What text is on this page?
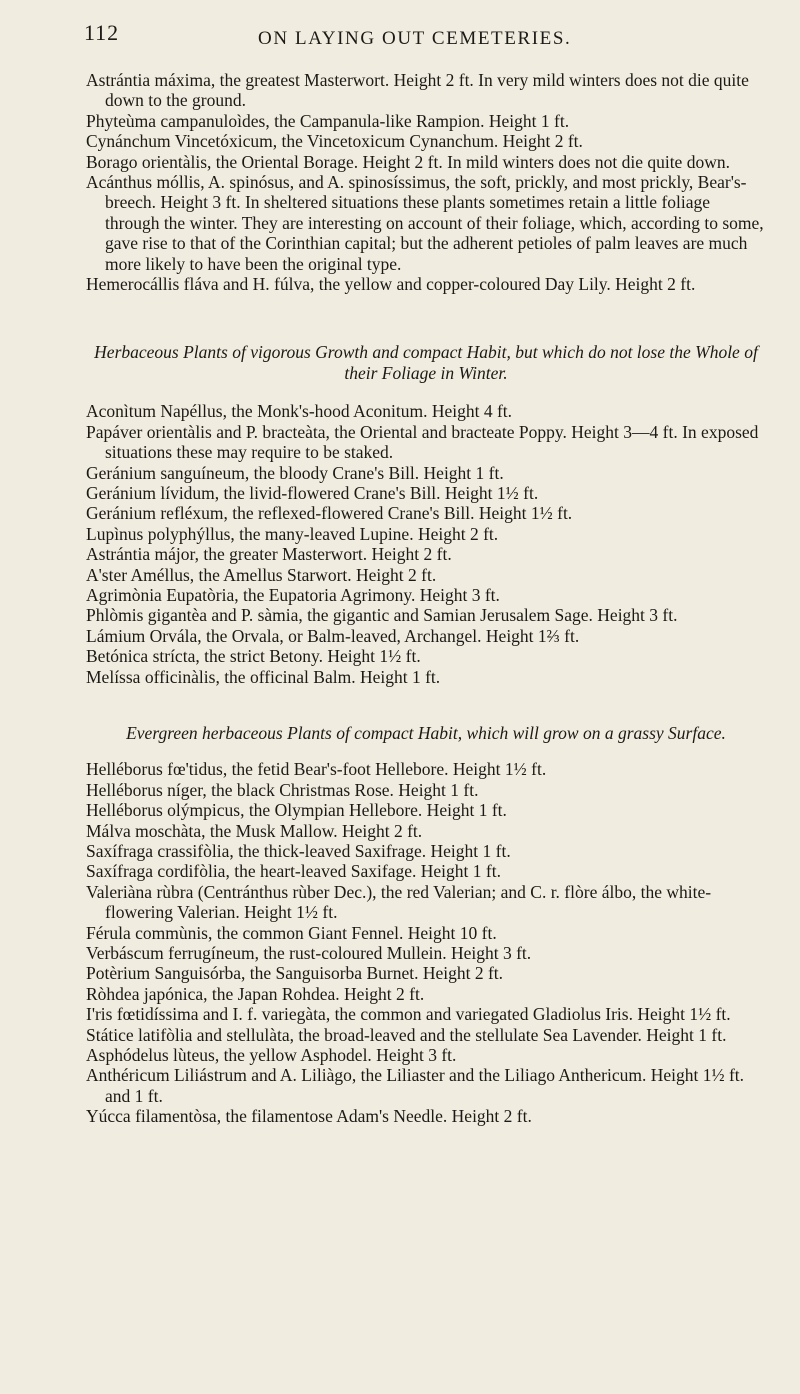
112	ON LAYING OUT CEMETERIES.

Astrántia máxima, the greatest Masterwort. Height 2 ft. In very mild winters does not die quite down to the ground.

Phyteùma campanuloìdes, the Campanula-like Rampion. Height 1 ft.

Cynánchum Vincetóxicum, the Vincetoxicum Cynanchum. Height 2 ft.

Borago orientàlis, the Oriental Borage. Height 2 ft. In mild winters does not die quite down.

Acánthus móllis, A. spinósus, and A. spinosíssimus, the soft, prickly, and most prickly, Bear's-breech. Height 3 ft. In sheltered situations these plants sometimes retain a little foliage through the winter. They are interesting on account of their foliage, which, according to some, gave rise to that of the Corinthian capital; but the adherent petioles of palm leaves are much more likely to have been the original type.

Hemerocállis fláva and H. fúlva, the yellow and copper-coloured Day Lily. Height 2 ft.

Herbaceous Plants of vigorous Growth and compact Habit, but which do not lose the Whole of their Foliage in Winter.

Aconìtum Napéllus, the Monk's-hood Aconitum. Height 4 ft.

Papáver orientàlis and P. bracteàta, the Oriental and bracteate Poppy. Height 3—4 ft. In exposed situations these may require to be staked.

Geránium sanguíneum, the bloody Crane's Bill. Height 1 ft.

Geránium lívidum, the livid-flowered Crane's Bill. Height 1½ ft.

Geránium refléxum, the reflexed-flowered Crane's Bill. Height 1½ ft.

Lupìnus polyphýllus, the many-leaved Lupine. Height 2 ft.

Astrántia májor, the greater Masterwort. Height 2 ft.

A'ster Améllus, the Amellus Starwort. Height 2 ft.

Agrimònia Eupatòria, the Eupatoria Agrimony. Height 3 ft.

Phlòmis gigantèa and P. sàmia, the gigantic and Samian Jerusalem Sage. Height 3 ft.

Lámium Orvála, the Orvala, or Balm-leaved, Archangel. Height 1⅔ ft.

Betónica strícta, the strict Betony. Height 1½ ft.

Melíssa officinàlis, the officinal Balm. Height 1 ft.

Evergreen herbaceous Plants of compact Habit, which will grow on a grassy Surface.

Helléborus fœ'tidus, the fetid Bear's-foot Hellebore. Height 1½ ft.

Helléborus níger, the black Christmas Rose. Height 1 ft.

Helléborus olýmpicus, the Olympian Hellebore. Height 1 ft.

Málva moschàta, the Musk Mallow. Height 2 ft.

Saxífraga crassifòlia, the thick-leaved Saxifrage. Height 1 ft.

Saxífraga cordifòlia, the heart-leaved Saxifage. Height 1 ft.

Valeriàna rùbra (Centránthus rùber Dec.), the red Valerian; and C. r. flòre álbo, the white-flowering Valerian. Height 1½ ft.

Férula commùnis, the common Giant Fennel. Height 10 ft.

Verbáscum ferrugíneum, the rust-coloured Mullein. Height 3 ft.

Potèrium Sanguisórba, the Sanguisorba Burnet. Height 2 ft.

Ròhdea japónica, the Japan Rohdea. Height 2 ft.

I'ris fœtidíssima and I. f. variegàta, the common and variegated Gladiolus Iris. Height 1½ ft.

Státice latifòlia and stellulàta, the broad-leaved and the stellulate Sea Lavender. Height 1 ft.

Asphódelus lùteus, the yellow Asphodel. Height 3 ft.

Anthéricum Liliástrum and A. Liliàgo, the Liliaster and the Liliago Anthericum. Height 1½ ft. and 1 ft.

Yúcca filamentòsa, the filamentose Adam's Needle. Height 2 ft.
